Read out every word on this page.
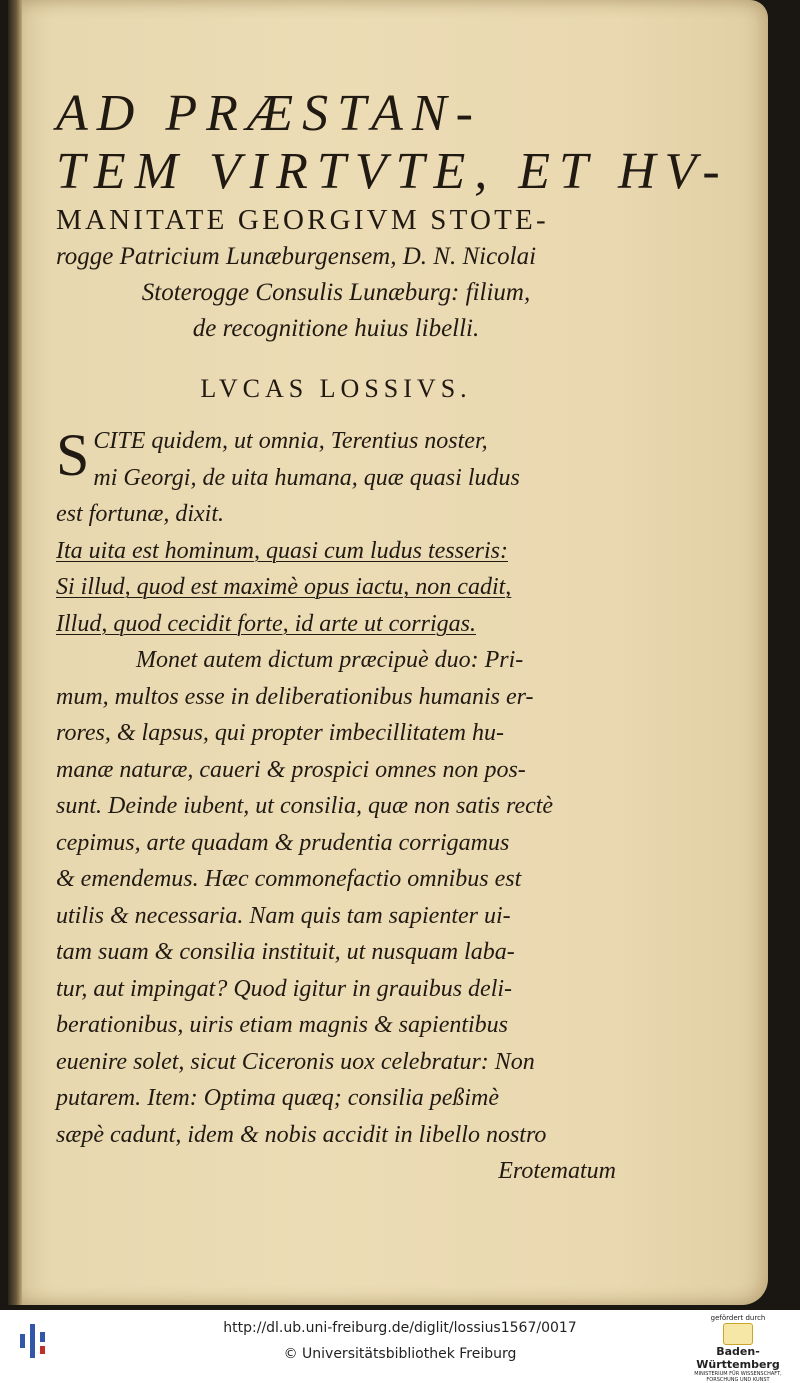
AD PRÆSTAN-
TEM VIRTVTE, ET HV-
MANITATE GEORGIVM STOTE-
rogge Patricium Lunæburgensem, D. N. Nicolai
Stoterogge Consulis Lunæburg: filium,
de recognitione huius libelli.
LVCAS LOSSIVS.
S CITE quidem, ut omnia, Terentius noster,
mi Georgi, de uita humana, quæ quasi ludus
est fortunæ, dixit.
Ita uita est hominum, quasi cum ludus tesseris:
Si illud, quod est maximè opus iactu, non cadit,
Illud, quod cecidit forte, id arte ut corrigas.
Monet autem dictum præcipuè duo: Pri-
mum, multos esse in deliberationibus humanis er-
rores, & lapsus, qui propter imbecillitatem hu-
manæ naturæ, caueri & prospici omnes non pos-
sunt. Deinde iubent, ut consilia, quæ non satis rectè
cepimus, arte quadam & prudentia corrigamus
& emendemus. Hæc commonefactio omnibus est
utilis & necessaria. Nam quis tam sapienter ui-
tam suam & consilia instituit, ut nusquam laba-
tur, aut impingat? Quod igitur in grauibus deli-
berationibus, uiris etiam magnis & sapientibus
euenire solet, sicut Ciceronis uox celebratur: Non
putarem. Item: Optima quæq; consilia peßimè
sæpè cadunt, idem & nobis accidit in libello nostro
Erotematum
http://dl.ub.uni-freiburg.de/diglit/lossius1567/0017
© Universitätsbibliothek Freiburg
gefördert durch
Baden-Württemberg
MINISTERIUM FÜR WISSENSCHAFT, FORSCHUNG UND KUNST
